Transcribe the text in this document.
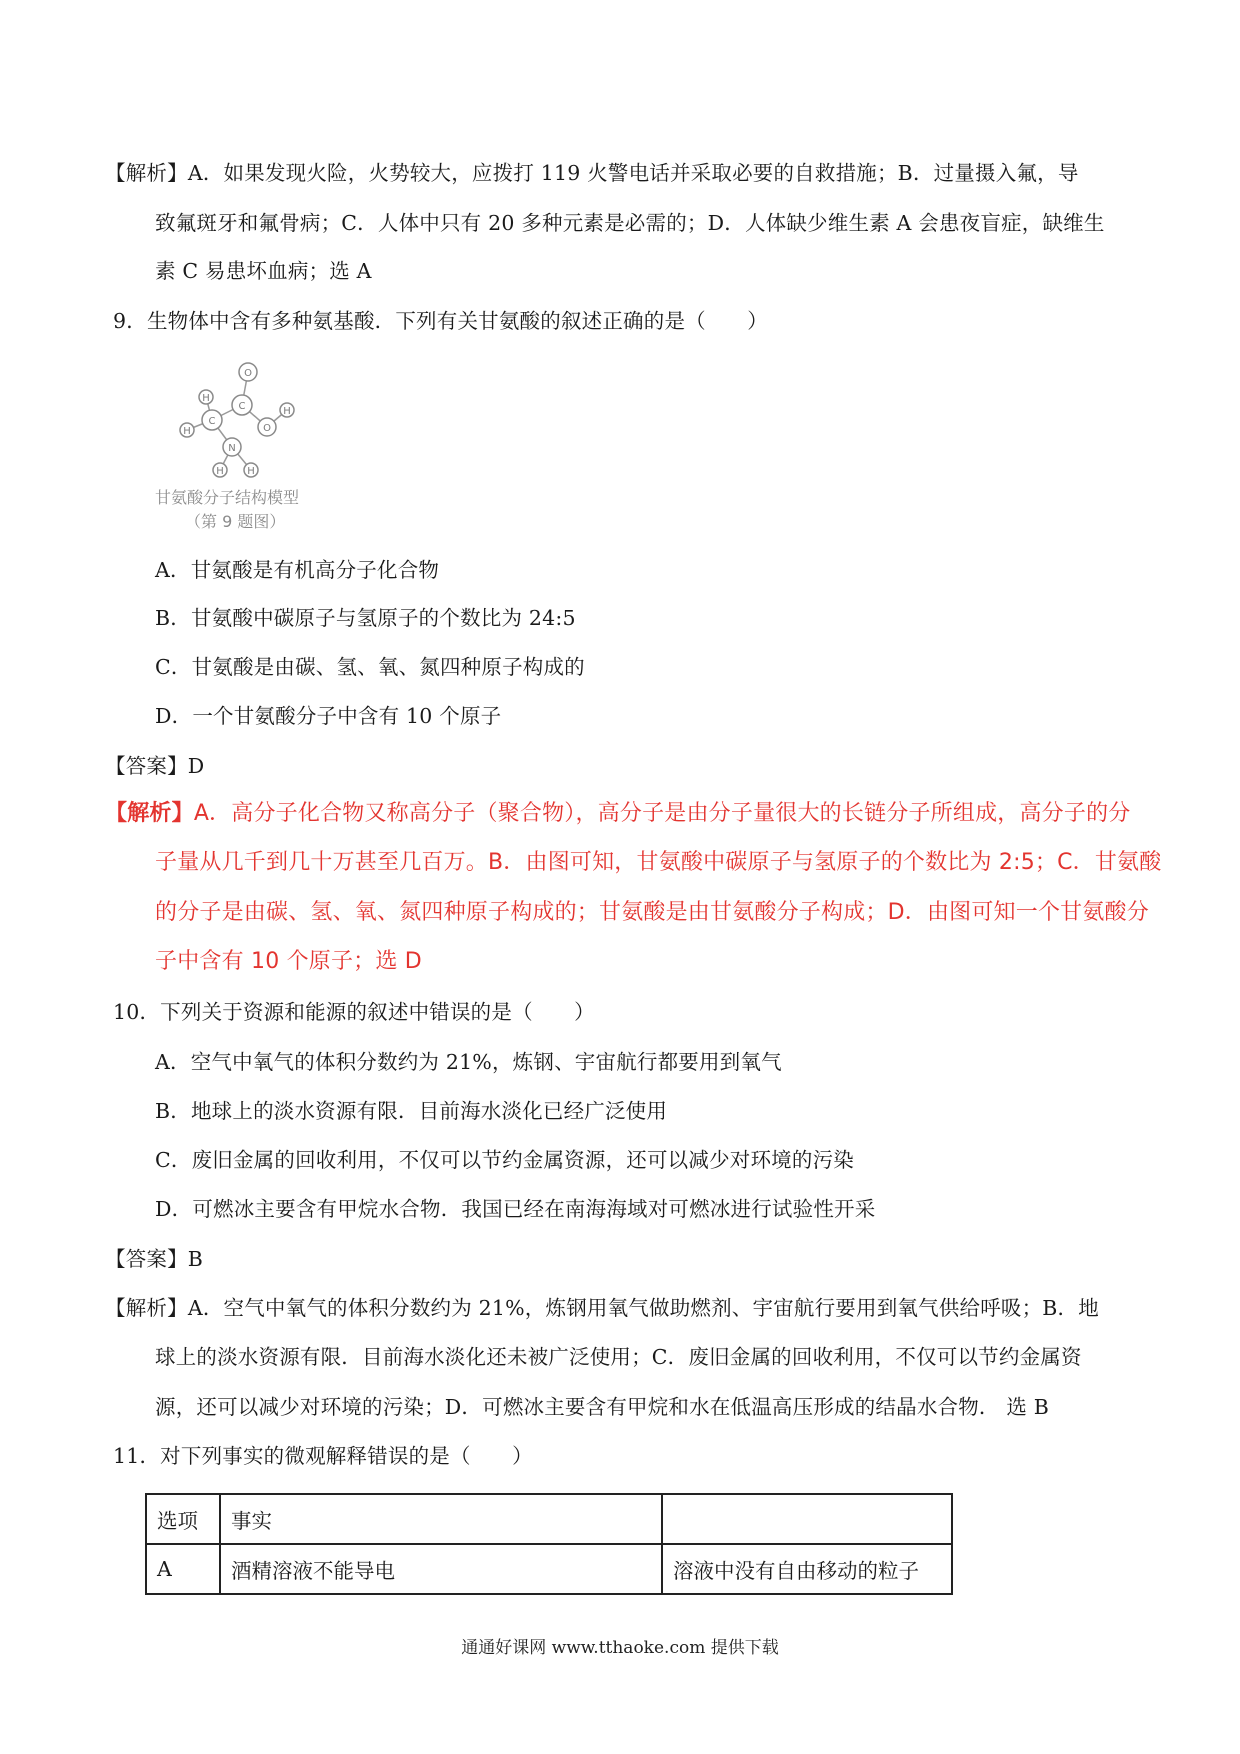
【解析】A．如果发现火险，火势较大，应拨打 119 火警电话并采取必要的自救措施；B．过量摄入氟，导
致氟斑牙和氟骨病；C．人体中只有 20 多种元素是必需的；D．人体缺少维生素 A 会患夜盲症，缺维生
素 C 易患坏血病；选 A
9．生物体中含有多种氨基酸．下列有关甘氨酸的叙述正确的是（　　）
H
C
C
O
O
H
H
N
H H
甘氨酸分子结构模型
（第 9 题图）
A．甘氨酸是有机高分子化合物
B．甘氨酸中碳原子与氢原子的个数比为 24:5
C．甘氨酸是由碳、氢、氧、氮四种原子构成的
D．一个甘氨酸分子中含有 10 个原子
【答案】D
【解析】A．高分子化合物又称高分子（聚合物），高分子是由分子量很大的长链分子所组成，高分子的分
子量从几千到几十万甚至几百万。B．由图可知，甘氨酸中碳原子与氢原子的个数比为 2:5；C．甘氨酸
的分子是由碳、氢、氧、氮四种原子构成的；甘氨酸是由甘氨酸分子构成；D．由图可知一个甘氨酸分
子中含有 10 个原子；选 D
10．下列关于资源和能源的叙述中错误的是（　　）
A．空气中氧气的体积分数约为 21%，炼钢、宇宙航行都要用到氧气
B．地球上的淡水资源有限．目前海水淡化已经广泛使用
C．废旧金属的回收利用，不仅可以节约金属资源，还可以减少对环境的污染
D．可燃冰主要含有甲烷水合物．我国已经在南海海域对可燃冰进行试验性开采
【答案】B
【解析】A．空气中氧气的体积分数约为 21%，炼钢用氧气做助燃剂、宇宙航行要用到氧气供给呼吸；B．地
球上的淡水资源有限．目前海水淡化还未被广泛使用；C．废旧金属的回收利用，不仅可以节约金属资
源，还可以减少对环境的污染；D．可燃冰主要含有甲烷和水在低温高压形成的结晶水合物． 选 B
11．对下列事实的微观解释错误的是（　　）
选项	事实	
A	酒精溶液不能导电	溶液中没有自由移动的粒子
通通好课网 www.tthaoke.com 提供下载
